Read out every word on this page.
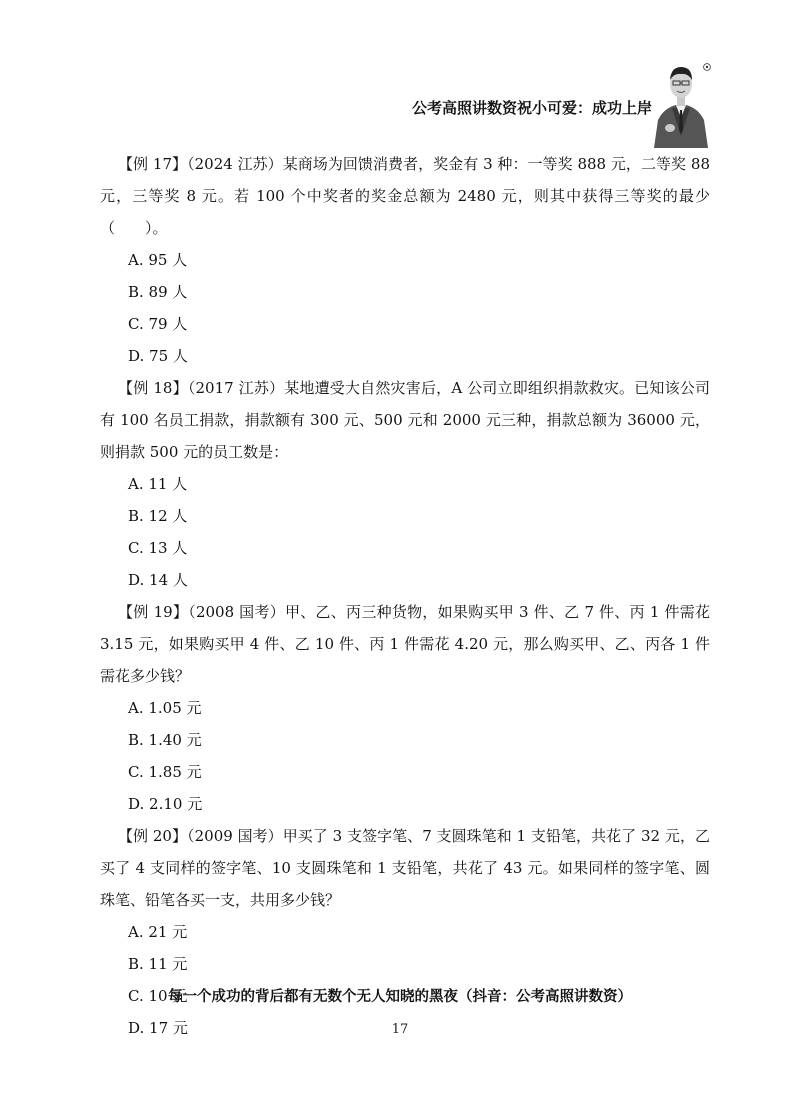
公考高照讲数资祝小可爱：成功上岸

【例 17】（2024 江苏）某商场为回馈消费者，奖金有 3 种：一等奖 888 元，二等奖 88 元，三等奖 8 元。若 100 个中奖者的奖金总额为 2480 元，则其中获得三等奖的最少（　　）。

A. 95 人

B. 89 人

C. 79 人

D. 75 人

【例 18】（2017 江苏）某地遭受大自然灾害后，A 公司立即组织捐款救灾。已知该公司有 100 名员工捐款，捐款额有 300 元、500 元和 2000 元三种，捐款总额为 36000 元，则捐款 500 元的员工数是：

A. 11 人

B. 12 人

C. 13 人

D. 14 人

【例 19】（2008 国考）甲、乙、丙三种货物，如果购买甲 3 件、乙 7 件、丙 1 件需花 3.15 元，如果购买甲 4 件、乙 10 件、丙 1 件需花 4.20 元，那么购买甲、乙、丙各 1 件需花多少钱？

A. 1.05 元

B. 1.40 元

C. 1.85 元

D. 2.10 元

【例 20】（2009 国考）甲买了 3 支签字笔、7 支圆珠笔和 1 支铅笔，共花了 32 元，乙买了 4 支同样的签字笔、10 支圆珠笔和 1 支铅笔，共花了 43 元。如果同样的签字笔、圆珠笔、铅笔各买一支，共用多少钱？

A. 21 元

B. 11 元

C. 10 元

D. 17 元

每一个成功的背后都有无数个无人知晓的黑夜（抖音：公考高照讲数资）
17
